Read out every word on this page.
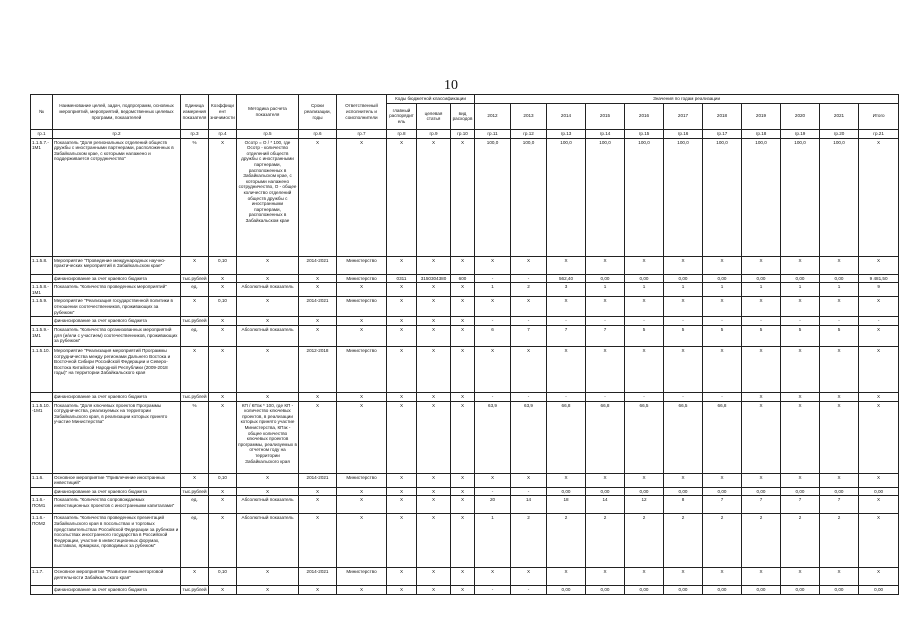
10
№	Наименование целей, задач, подпрограмм, основных мероприятий, мероприятий, ведомственных целевых программ, показателей	Единица измерения показателя	Коэффициент значимости	Методика расчета показателя	Сроки реализации, годы	Ответственный исполнитель и соисполнители	Коды бюджетной классификации			Значения по годам реализации										
							главный распорядитель	целевая статья	вид расходов	2012	2013	2014	2015	2016	2017	2018	2019	2020	2021	Итого
гр.1	гр.2	гр.3	гр.4	гр.5	гр.6	гр.7	гр.8	гр.9	гр.10	гр.11	гр.12	гр.13	гр.14	гр.15	гр.16	гр.17	гр.18	гр.19	гр.20	гр.21
1.1.5.7.-1М1	Показатель "Доля региональных отделений обществ дружбы с иностранными партнерами, расположенных в Забайкальском крае, с которыми налажено и поддерживается сотрудничество"	%	X	Осотр = О / * 100, где Осотр - количество отделений обществ дружбы с иностранными партнерами, расположенных в Забайкальском крае, с которыми налажено сотрудничество, О - общее количество отделений обществ дружбы с иностранными партнерами, расположенных в Забайкальском крае	X	X	X	X	X	100,0	100,0	100,0	100,0	100,0	100,0	100,0	100,0	100,0	100,0	X
1.1.5.8.	Мероприятие "Проведение международных научно-практических мероприятий в Забайкальском крае"	X	0,10	X	2014-2021	Министерство	X	X	X	X	X	X	X	X	X	X	X	X	X	X
	финансирование за счет краевого бюджета	тыс.рублей	X	X	X	Министерство	0311	3150304380	600	-	-	562,40	0,00	0,00	0,00	0,00	0,00	0,00	0,00	9 481,50
1.1.5.8.-1М1	Показатель "Количество проведенных мероприятий"	ед.	X	Абсолютный показатель	X	X	X	X	X	1	2	3	1	1	1	1	1	1	1	9
1.1.5.9.	Мероприятие "Реализация государственной политики в отношении соотечественников, проживающих за рубежом"	X	0,10	X	2014-2021	Министерство	X	X	X	X	X	X	X	X	X	X	X	X	X	X
	финансирование за счет краевого бюджета	тыс.рублей	X	X	X	X	X	X	X	-	-	-	-	-	-	-	-	-	-	-
1.1.5.9.-1М1	Показатель "Количество организованных мероприятий для (и/или с участием) соотечественников, проживающих за рубежом"	ед.	X	Абсолютный показатель	X	X	X	X	X	6	7	7	7	5	5	5	5	5	5	X
1.1.5.10.	Мероприятие "Реализация мероприятий Программы сотрудничества между регионами Дальнего Востока и Восточной Сибири Российской Федерации и Северо-Востока Китайской Народной Республики (2009-2018 годы)" на территории Забайкальского края	X	X	X	2012-2018	Министерство	X	X	X	X	X	X	X	X	X	X	X	X	X	X
	финансирование за счет краевого бюджета	тыс.рублей	X	X	X	X	X	X	X	-	-	-	-	-	-	-	X	X	X	X
1.1.5.10.-1М1	Показатель "Доля ключевых проектов Программы сотрудничества, реализуемых на территории Забайкальского края, в реализации которых принято участие Министерства"	%	X	КП / КПзк * 100, где КП - количество ключевых проектов, в реализации которых принято участие Министерства, КПзк - общее количество ключевых проектов программы, реализуемых в отчетном году на территории Забайкальского края	X	X	X	X	X	63,9	63,9	66,8	66,8	66,5	66,5	66,8	X	X	X	X
1.1.6.	Основное мероприятие "Привлечение иностранных инвестиций"	X	0,10	X	2014-2021	Министерство	X	X	X	X	X	X	X	X	X	X	X	X	X	X
	финансирование за счет краевого бюджета	тыс.рублей	X	X	X	X	X	X	X	-	-	0,00	0,00	0,00	0,00	0,00	0,00	0,00	0,00	0,00
1.1.6.-ПОМ1	Показатель "Количество сопровождаемых инвестиционных проектов с иностранными капиталами"	ед.	X	Абсолютный показатель	X	X	X	X	X	20	14	18	14	12	8	7	7	7	7	X
1.1.6.-ПОМ2	Показатель "Количество проведенных презентаций Забайкальского края в посольствах и торговых представительствах Российской Федерации за рубежом и посольствах иностранного государства в Российской Федерации, участие в инвестиционных форумах, выставках, ярмарках, проводимых за рубежом"	ед.	X	Абсолютный показатель	X	X	X	X	X	1	2	2	2	2	2	2	2	2	2	X
1.1.7.	Основное мероприятие "Развитие внешнеторговой деятельности Забайкальского края"	X	0,10	X	2014-2021	Министерство	X	X	X	X	X	X	X	X	X	X	X	X	X	X
	финансирование за счет краевого бюджета	тыс.рублей	X	X	X	X	X	X	X	-	-	0,00	0,00	0,00	0,00	0,00	0,00	0,00	0,00	0,00
